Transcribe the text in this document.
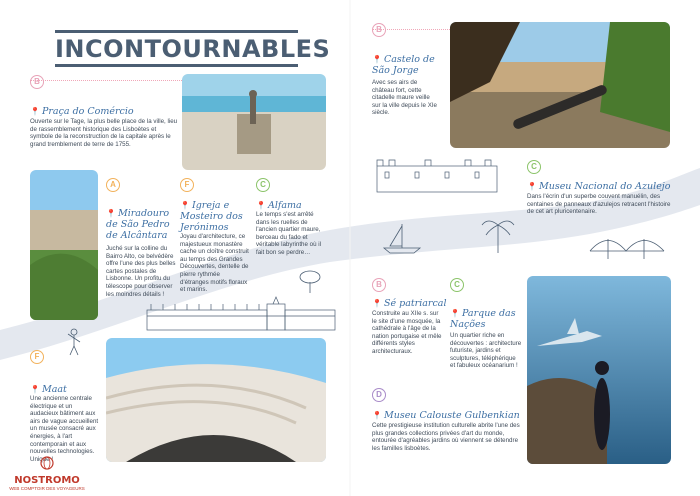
INCONTOURNABLES
B
📍 Praça do Comércio
Ouverte sur le Tage, la plus belle place de la ville, lieu de rassemblement historique des Lisboètes et symbole de la reconstruction de la capitale après le grand tremblement de terre de 1755.
A
📍 Miradouro de São Pedro de Alcântara
Juché sur la colline du Bairro Alto, ce belvédère offre l'une des plus belles cartes postales de Lisbonne. Un profitu du télescope pour observer les moindres détails !
F
📍 Igreja e Mosteiro dos Jerónimos
Joyau d'architecture, ce majestueux monastère cache un cloître construit au temps des Grandes Découvertes, dentelle de pierre rythmée d'étranges motifs floraux et marins.
C
📍 Alfama
Le temps s'est arrêté dans les ruelles de l'ancien quartier maure, berceau du fado et véritable labyrinthe où il fait bon se perdre…
F
📍 Maat
Une ancienne centrale électrique et un audacieux bâtiment aux airs de vague accueillent un musée consacré aux énergies, à l'art contemporain et aux nouvelles technologies. Unique !
B
📍 Castelo de São Jorge
Avec ses airs de château fort, cette citadelle maure veille sur la ville depuis le XIe siècle.
C
📍 Museu Nacional do Azulejo
Dans l'écrin d'un superbe couvent manuélin, des centaines de panneaux d'azulejos retracent l'histoire de cet art pluricentenaire.
B
📍 Sé patriarcal
Construite au XIIe s. sur le site d'une mosquée, la cathédrale à l'âge de la nation portugaise et mêle différents styles architecturaux.
C
📍 Parque das Nações
Un quartier riche en découvertes : architecture futuriste, jardins et sculptures, téléphérique et fabuleux océanarium !
D
📍 Museu Calouste Gulbenkian
Cette prestigieuse institution culturelle abrite l'une des plus grandes collections privées d'art du monde, entourée d'agréables jardins où viennent se détendre les familles lisboètes.
NOSTROMO
WEB COMPTOIR DES VOYAGEURS
